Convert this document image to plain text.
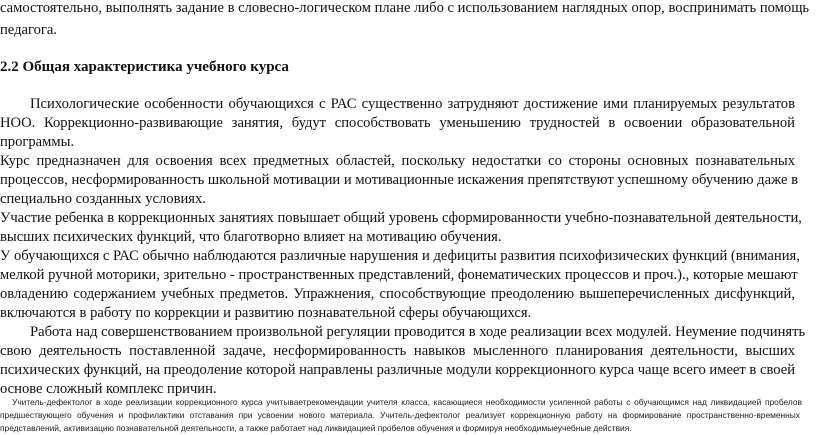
самостоятельно, выполнять задание в словесно-логическом плане либо с использованием наглядных опор, воспринимать помощь
педагога.
2.2 Общая характеристика учебного курса
Психологические особенности обучающихся с РАС существенно затрудняют достижение ими планируемых результатов
НОО. Коррекционно-развивающие занятия, будут способствовать уменьшению трудностей в освоении образовательной
программы.
Курс предназначен для освоения всех предметных областей, поскольку недостатки со стороны основных познавательных
процессов, несформированность школьной мотивации и мотивационные искажения препятствуют успешному обучению даже в
специально созданных условиях.
Участие ребенка в коррекционных занятиях повышает общий уровень сформированности учебно-познавательной деятельности,
высших психических функций, что благотворно влияет на мотивацию обучения.
У обучающихся с РАС обычно наблюдаются различные нарушения и дефициты развития психофизических функций (внимания,
мелкой ручной моторики, зрительно - пространственных представлений, фонематических процессов и проч.)., которые мешают
овладению содержанием учебных предметов. Упражнения, способствующие преодолению вышеперечисленных дисфункций,
включаются в работу по коррекции и развитию познавательной сферы обучающихся.
Работа над совершенствованием произвольной регуляции проводится в ходе реализации всех модулей. Неумение подчинять
свою деятельность поставленной задаче, несформированность навыков мысленного планирования деятельности, высших
психических функций, на преодоление которой направлены различные модули коррекционного курса чаще всего имеет в своей
основе сложный комплекс причин.
Учитель-дефектолог в ходе реализации коррекционного курса учитываетрекомендации учителя класса, касающиеся необходимости усиленной работы с обучающимся над ликвидацией пробелов
предшествующего обучения и профилактики отставания при усвоении нового материала. Учитель-дефектолог реализует коррекционную работу на формирование пространственно-временных
представлений, активизацию познавательной деятельности, а также работает над ликвидацией пробелов обучения и формируя необходимыеучебные действия.
